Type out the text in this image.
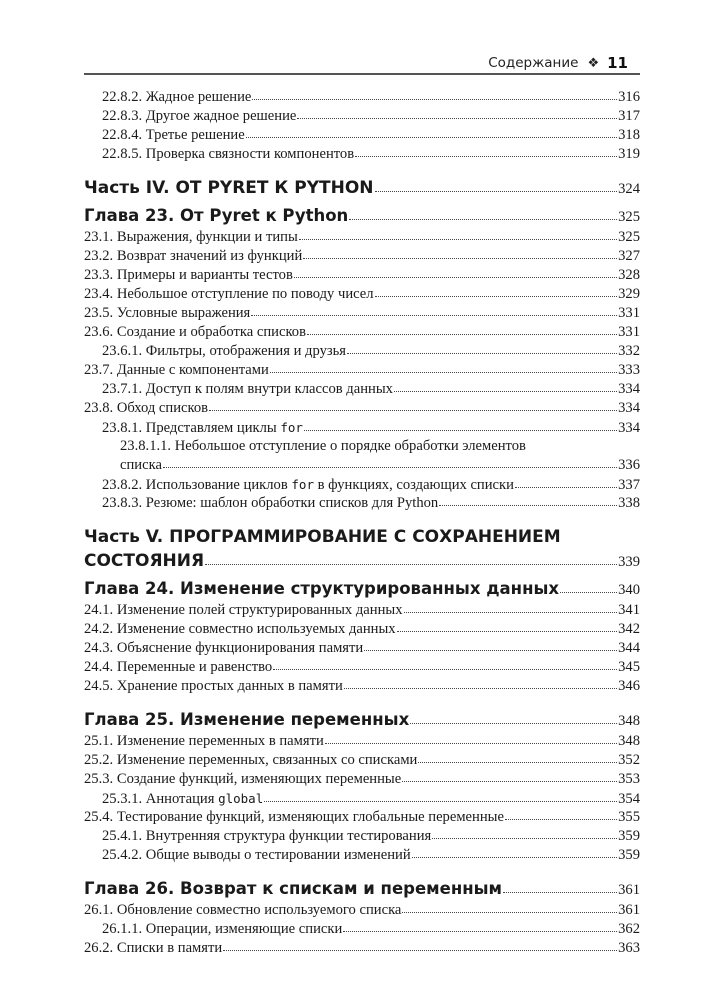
Содержание ❖ 11
22.8.2. Жадное решение	316
22.8.3. Другое жадное решение	317
22.8.4. Третье решение	318
22.8.5. Проверка связности компонентов	319
Часть IV. ОТ PYRET К PYTHON	324
Глава 23. От Pyret к Python	325
23.1. Выражения, функции и типы	325
23.2. Возврат значений из функций	327
23.3. Примеры и варианты тестов	328
23.4. Небольшое отступление по поводу чисел	329
23.5. Условные выражения	331
23.6. Создание и обработка списков	331
23.6.1. Фильтры, отображения и друзья	332
23.7. Данные с компонентами	333
23.7.1. Доступ к полям внутри классов данных	334
23.8. Обход списков	334
23.8.1. Представляем циклы for	334
23.8.1.1. Небольшое отступление о порядке обработки элементов
списка	336
23.8.2. Использование циклов for в функциях, создающих списки	337
23.8.3. Резюме: шаблон обработки списков для Python	338
Часть V. ПРОГРАММИРОВАНИЕ С СОХРАНЕНИЕМ
СОСТОЯНИЯ	339
Глава 24. Изменение структурированных данных	340
24.1. Изменение полей структурированных данных	341
24.2. Изменение совместно используемых данных	342
24.3. Объяснение функционирования памяти	344
24.4. Переменные и равенство	345
24.5. Хранение простых данных в памяти	346
Глава 25. Изменение переменных	348
25.1. Изменение переменных в памяти	348
25.2. Изменение переменных, связанных со списками	352
25.3. Создание функций, изменяющих переменные	353
25.3.1. Аннотация global	354
25.4. Тестирование функций, изменяющих глобальные переменные	355
25.4.1. Внутренняя структура функции тестирования	359
25.4.2. Общие выводы о тестировании изменений	359
Глава 26. Возврат к спискам и переменным	361
26.1. Обновление совместно используемого списка	361
26.1.1. Операции, изменяющие списки	362
26.2. Списки в памяти	363
